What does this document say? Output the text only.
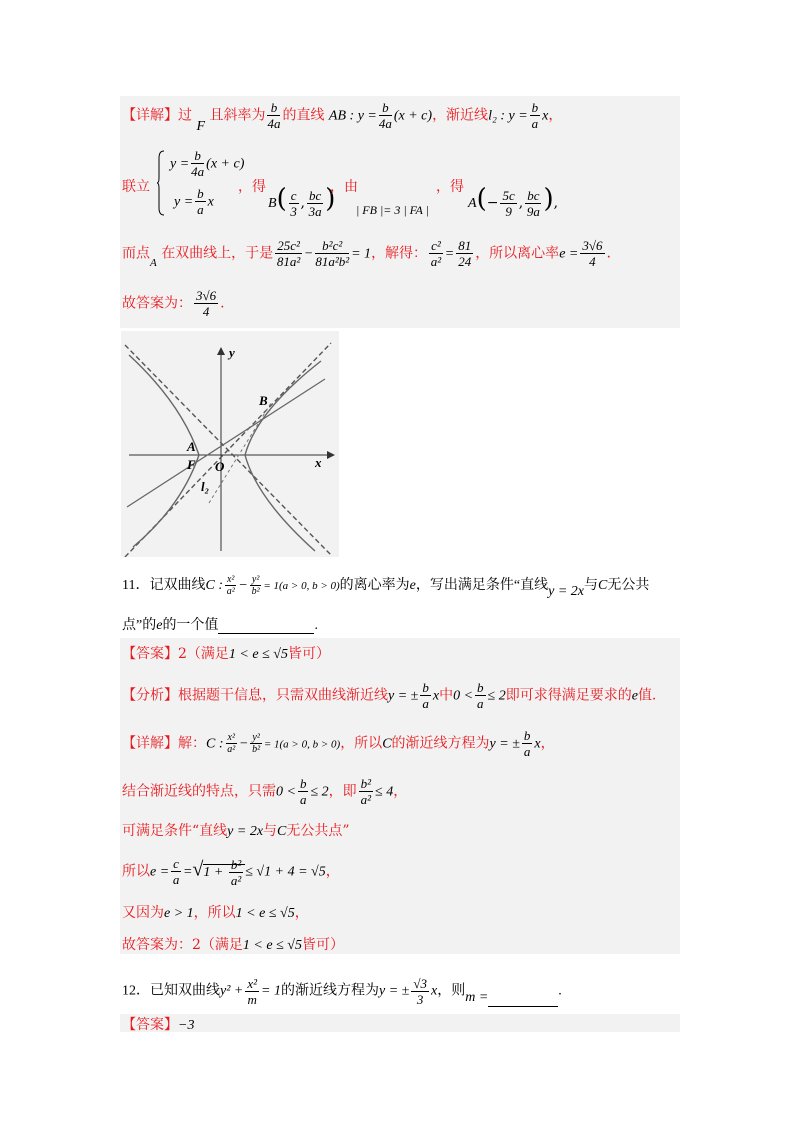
【详解】过 F 且斜率为 $\frac{b}{4a}$ 的直线 AB : $y = \frac{b}{4a} (x + c)$，渐近线l₂ : $y = \frac{b}{a}$ x，
联立
$y = \frac{b}{4a} (x + c)$
$y = \frac{b}{a}$ x
，得
$B( \frac{c}{3}$ , $\frac{bc}{3a}$ )
，由
| FB |= 3 | FA |
，得
$A(- \frac{5c}{9}$ , $\frac{bc}{9a}$ ),
而点$_A$ 在双曲线上，于是 $\frac{\text{25c²}}{\text{81a²}} - \frac{\text{b²c²}}{\text{81a²b²}} = 1$，解得： $\frac{\text{c²}}{\text{a²}} = \frac{81}{24}$ ，所以离心率$e = \frac{3√6}{4}$ .
故答案为： $\frac{3√6}{4}$ .
y
x
B
A
F O
l₂
11．记双曲线C : $\frac{\text{x²}}{\text{a²}} - \frac{\text{y²}}{\text{b²}} = 1(a > 0$, b > 0)的离心率为e，写出满足条件“直线y = 2x与C无公共
点”的e的一个值	.
【答案】2（满足1 < e ≤ √5皆可）
【分析】根据题干信息，只需双曲线渐近线y = ± $\frac{b}{a}$ x中$0 < \frac{b}{a} \le 2$即可求得满足要求的e值.
【详解】解：C : $\frac{\text{x²}}{\text{a²}} - \frac{\text{y²}}{\text{b²}} = 1(a > 0$, b > 0)，所以C的渐近线方程为y = ± $\frac{b}{a}$ x，
结合渐近线的特点，只需$0 < \frac{b}{a} \le 2$，即 $\frac{\text{b²}}{\text{a²}} \le 4$，
可满足条件“直线y = 2x与C无公共点”
所以$e = \frac{c}{a} =√1 + \frac{\text{b²}}{\text{a²}} \le √1 + 4 = √5$，
又因为e > 1，所以1 < e ≤ √5，
故答案为：2（满足1 < e ≤ √5皆可）
12．已知双曲线$y^2 + \frac{\text{x²}}{m} = 1$的渐近线方程为y = ± $\frac{√3}{3}$ x，则m =	.
【答案】−3
